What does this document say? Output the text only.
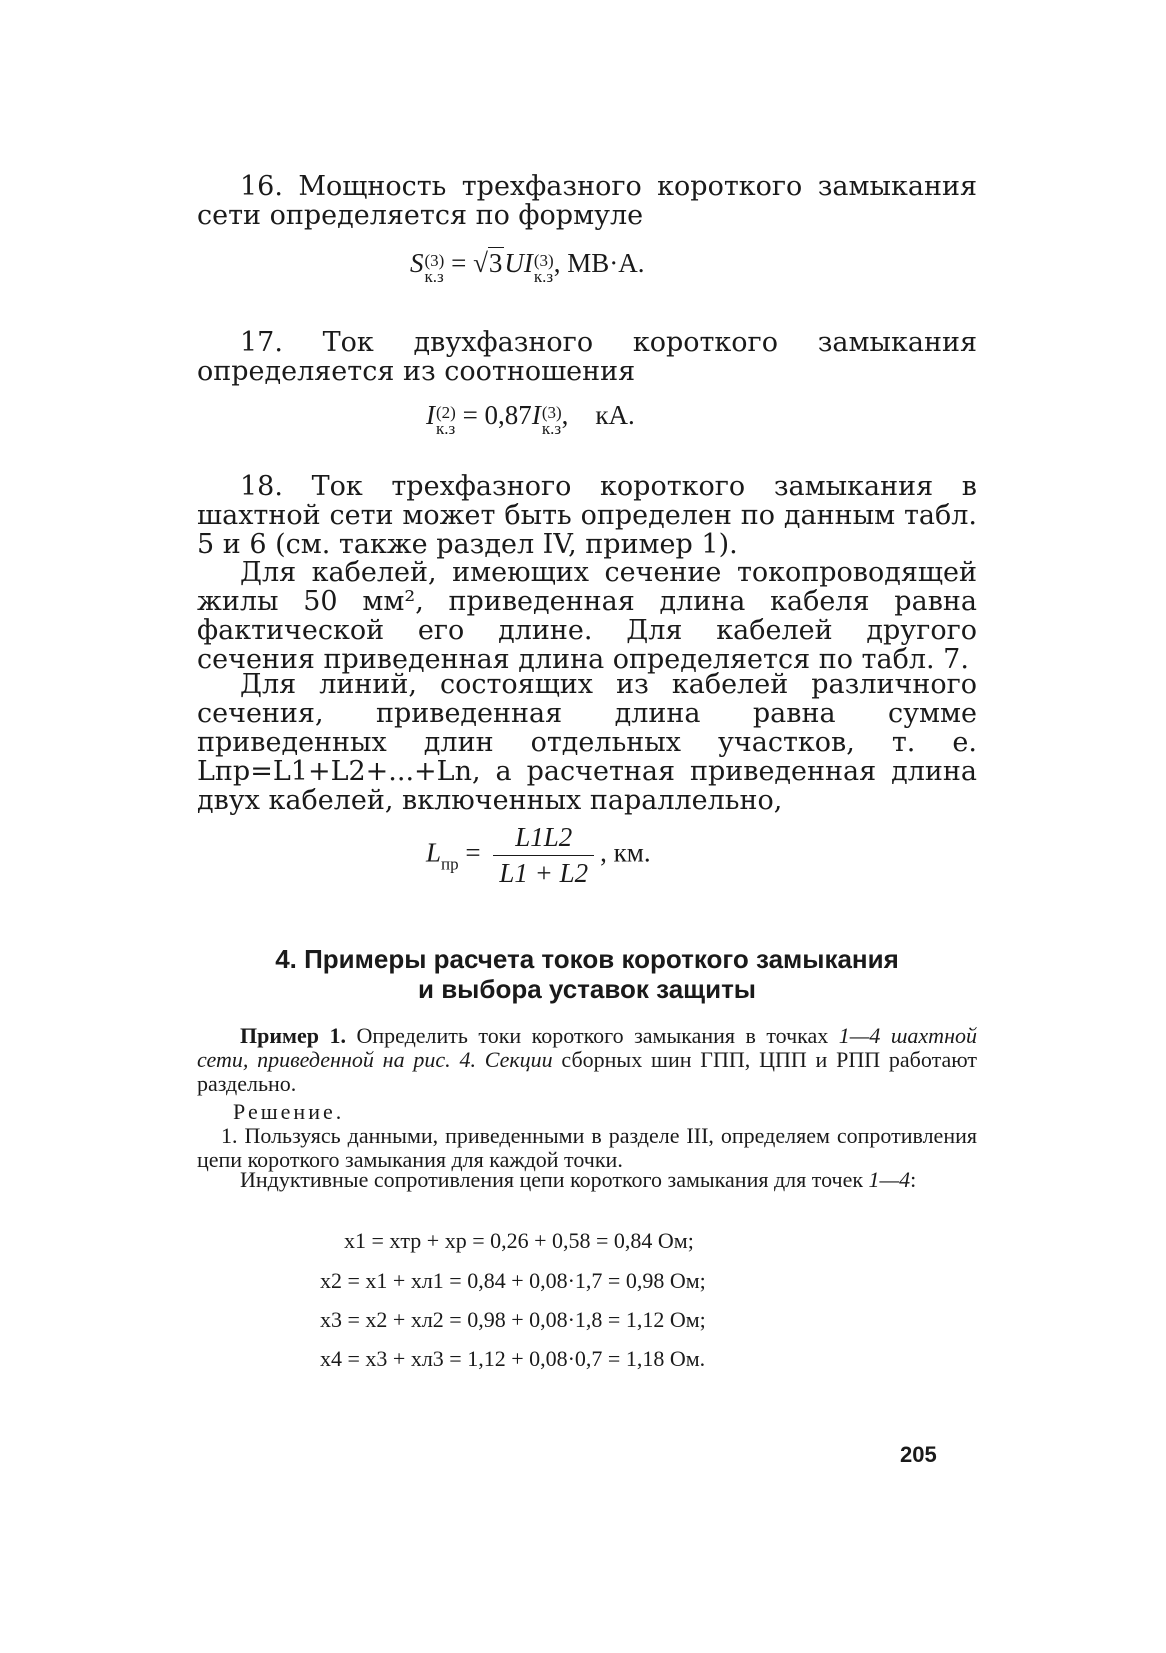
16. Мощность трехфазного короткого замыкания сети определяется по формуле

S (3)
к.з = √3UI (3)
к.з , МВ·А.

17. Ток двухфазного короткого замыкания определяется из соотношения

I (2)
к.з = 0,87I (3)
к.з ,    кА.

18. Ток трехфазного короткого замыкания в шахтной сети может быть определен по данным табл. 5 и 6 (см. также раздел IV, пример 1).

Для кабелей, имеющих сечение токопроводящей жилы 50 мм², приведенная длина кабеля равна фактической его длине. Для кабелей другого сечения приведенная длина определяется по табл. 7.

Для линий, состоящих из кабелей различного сечения, приведенная длина равна сумме приведенных длин отдельных участков, т. е. Lпр=L1+L2+...+Ln, а расчетная приведенная длина двух кабелей, включенных параллельно,

$L_{пр} = \frac{L1L2}{L1 + L2}$ , км.

4. Примеры расчета токов короткого замыкания

и выбора уставок защиты

Пример 1. Определить токи короткого замыкания в точках 1—4 шахтной сети, приведенной на рис. 4. Секции сборных шин ГПП, ЦПП и РПП работают раздельно.

Решение.

1. Пользуясь данными, приведенными в разделе III, определяем сопротивления цепи короткого замыкания для каждой точки.

Индуктивные сопротивления цепи короткого замыкания для точек 1—4:

x1 = xтр + xр = 0,26 + 0,58 = 0,84 Ом;
x2 = x1 + xл1 = 0,84 + 0,08·1,7 = 0,98 Ом;
x3 = x2 + xл2 = 0,98 + 0,08·1,8 = 1,12 Ом;
x4 = x3 + xл3 = 1,12 + 0,08·0,7 = 1,18 Ом.
205
